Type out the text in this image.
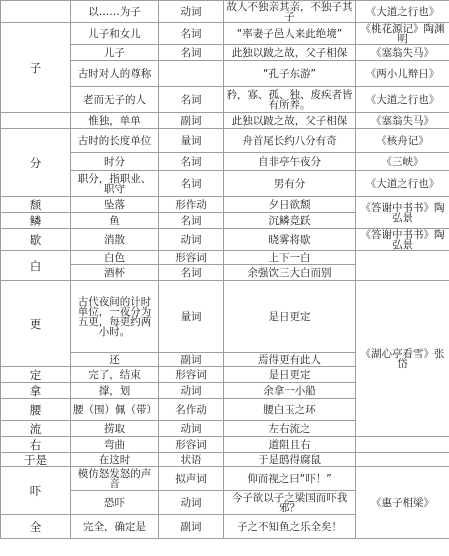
	以……为子	动词	故人不独亲其亲，不独子其子	《大道之行也》
子	儿子和女儿	名词	“率妻子邑人来此绝境”	《桃花源记》陶渊明
	儿子	名词	此独以跛之故，父子相保	《塞翁失马》
	古时对人的尊称		“孔子东游”	《两小儿辩日》
	老而无子的人	名词	矜，寡、孤、独、废疾者皆有所养。	《大道之行也》
	惟独，单单	副词	此独以跛之故，父子相保	《塞翁失马》
分	古时的长度单位	量词	舟首尾长约八分有奇	《核舟记》
	时分	名词	自非亭午夜分	《三峡》
	职分，指职业、职守	名词	男有分	《大道之行也》
颓	坠落	形作动	夕日欲颓	《答谢中书书》陶弘景
鳞	鱼	名词	沉鳞竞跃	
歇	消散	动词	晓雾将歇	《答谢中书书》陶弘景
白	白色	形容词	上下一白	
	酒杯	名词	余强饮三大白而别	
更	古代夜间的计时单位，一夜分为五更，每更约两小时。	量词	是日更定	《湖心亭看雪》张岱
	还	副词	焉得更有此人	
定	完了，结束	形容词	是日更定	
拿	撑，划	动词	余拿一小船	
腰	腰（围）佩（带）	名作动	腰白玉之环	
流	捞取	动词	左右流之	
右	弯曲	形容词	道阻且右	
于是	在这时	状语	于是鸱得腐鼠	
吓	模仿怒发怒的声音	拟声词	仰而视之曰“吓！”	《惠子相梁》
	恐吓	动词	今子欲以子之梁国而吓我邪？	
全	完全，确定是	副词	子之不知鱼之乐全矣！	
